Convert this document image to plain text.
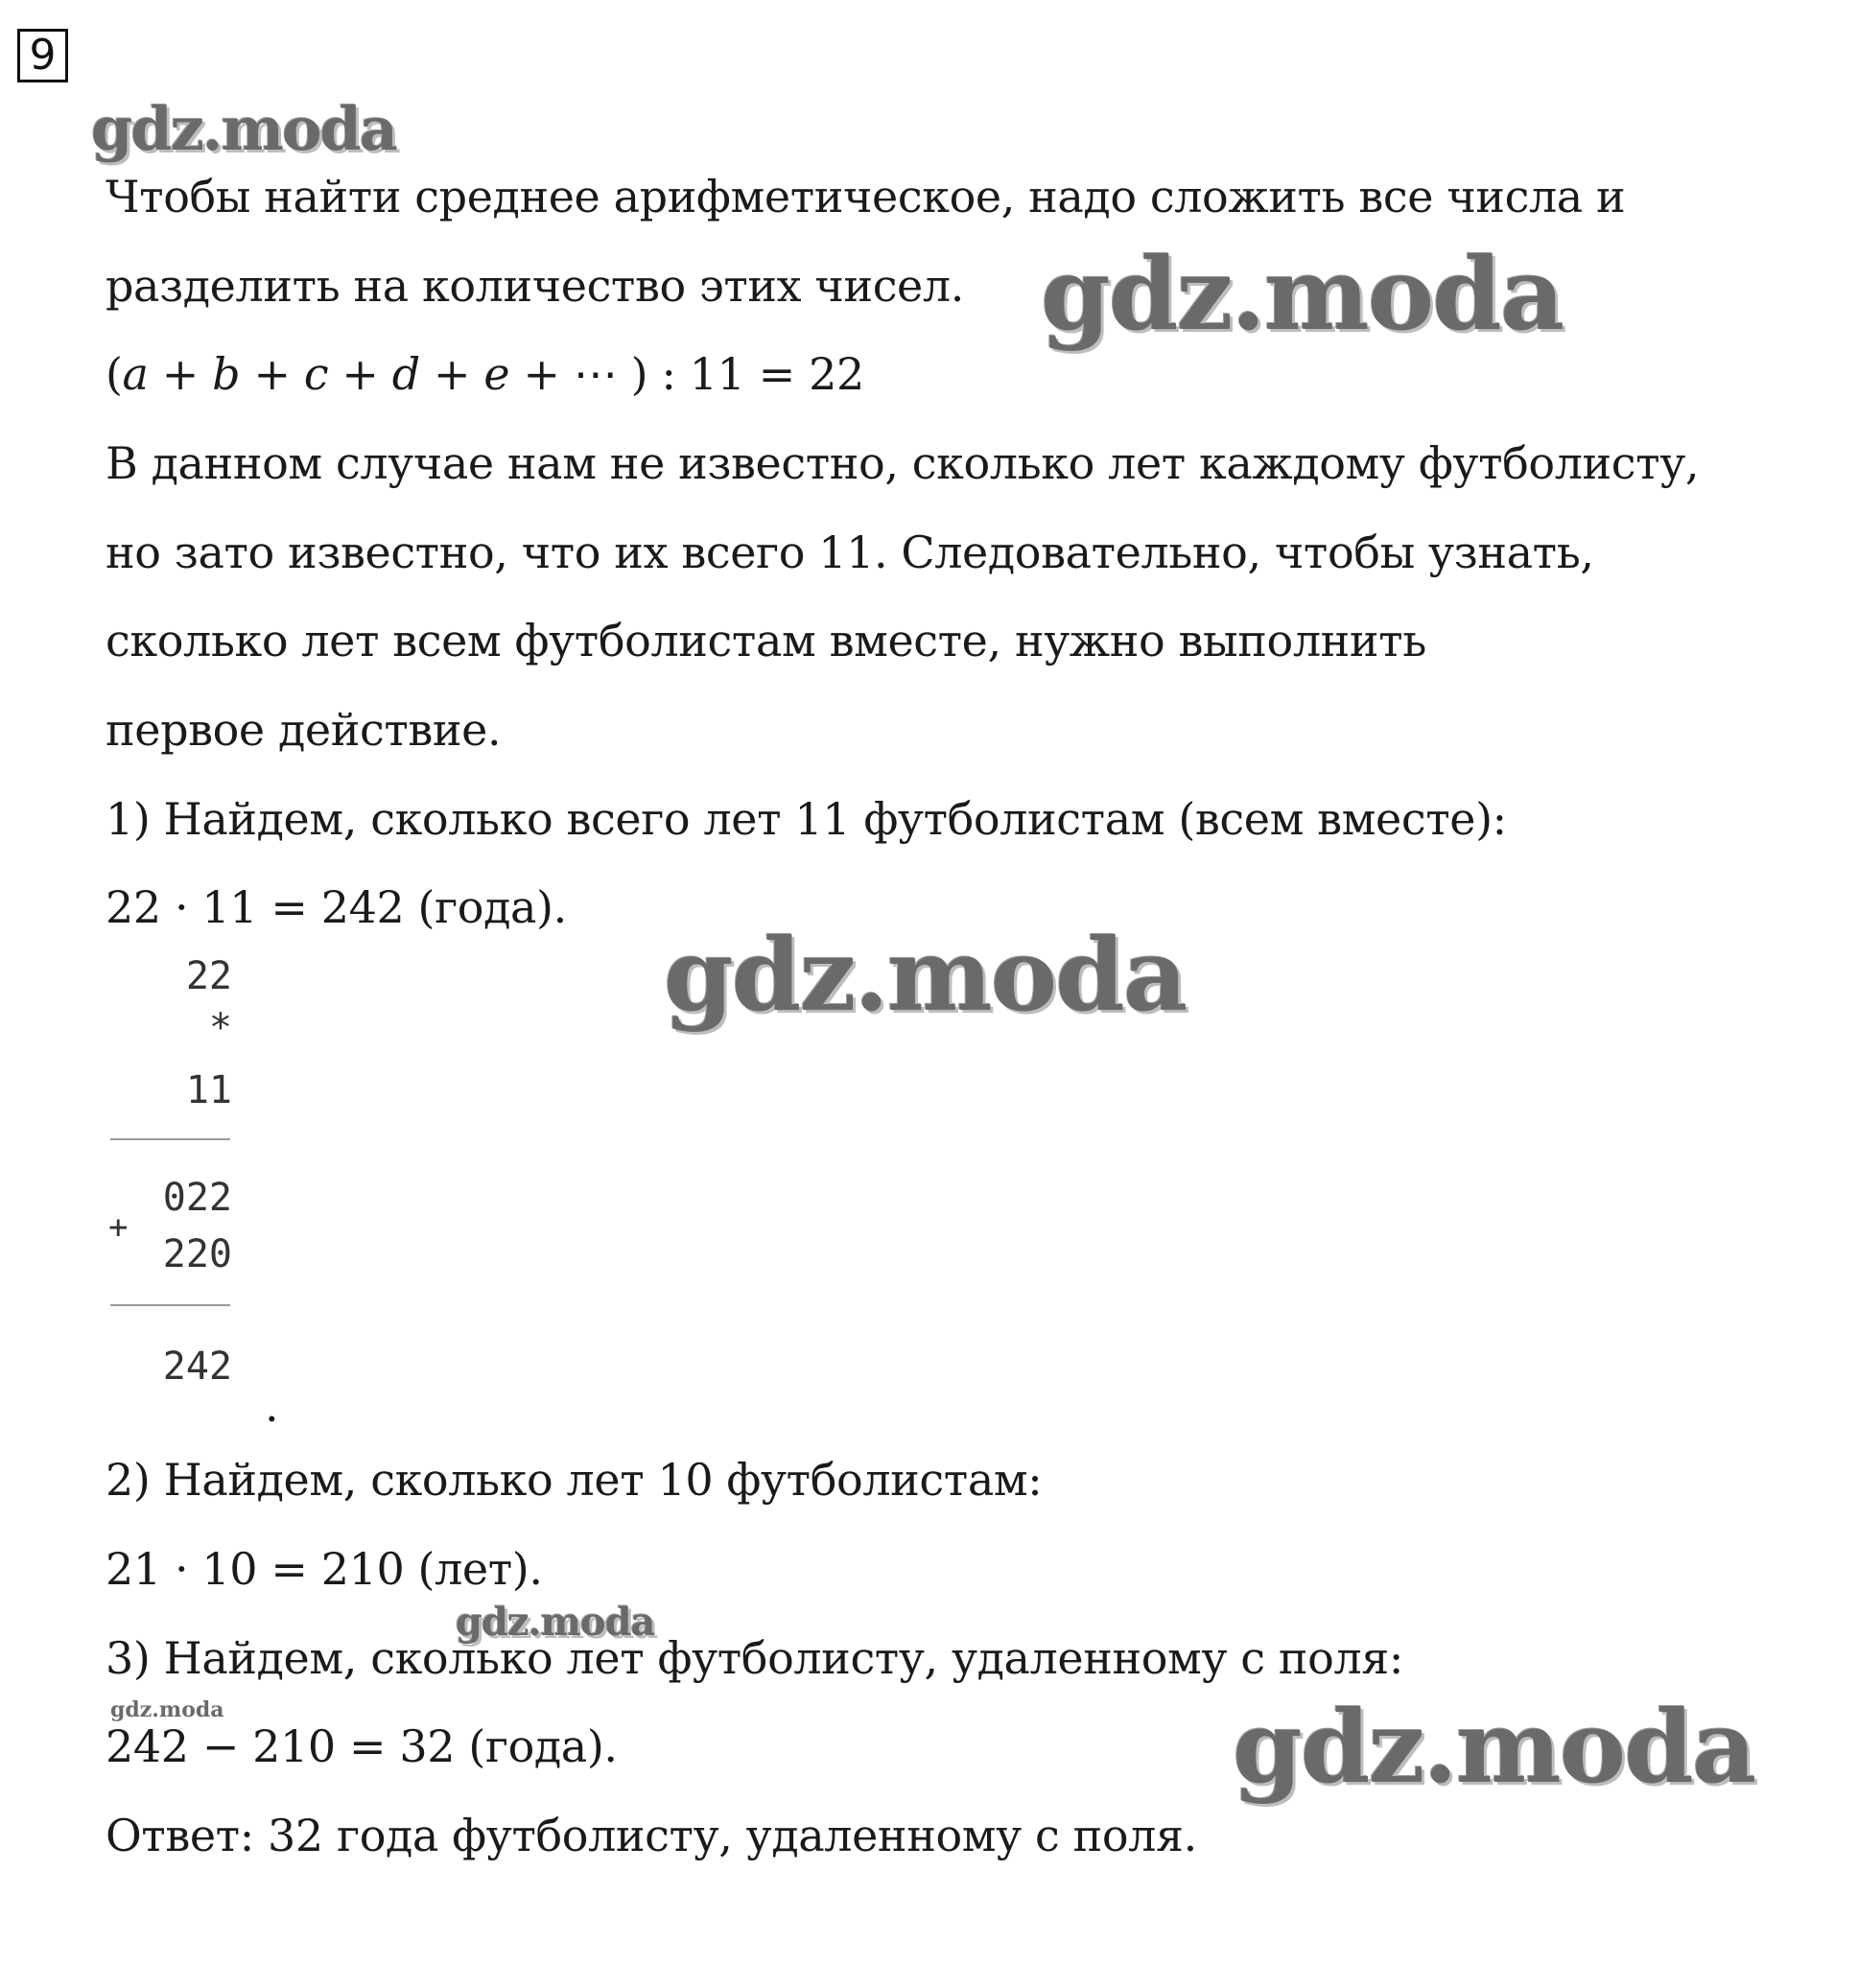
9
gdz.moda
Чтобы найти среднее арифметическое, надо сложить все числа и
разделить на количество этих чисел. gdz.moda
(a + b + c + d + e + ⋯ ) : 11 = 22
В данном случае нам не известно, сколько лет каждому футболисту,
но зато известно, что их всего 11. Следовательно, чтобы узнать,
сколько лет всем футболистам вместе, нужно выполнить
первое действие.
1) Найдем, сколько всего лет 11 футболистам (всем вместе):
22 · 11 = 242 (года).
gdz.moda
22
*
11
022
+
220
242
.
2) Найдем, сколько лет 10 футболистам:
21 · 10 = 210 (лет).
gdz.moda
3) Найдем, сколько лет футболисту, удаленному с поля:
gdz.moda
242 − 210 = 32 (года).	gdz.moda
Ответ: 32 года футболисту, удаленному с поля.
